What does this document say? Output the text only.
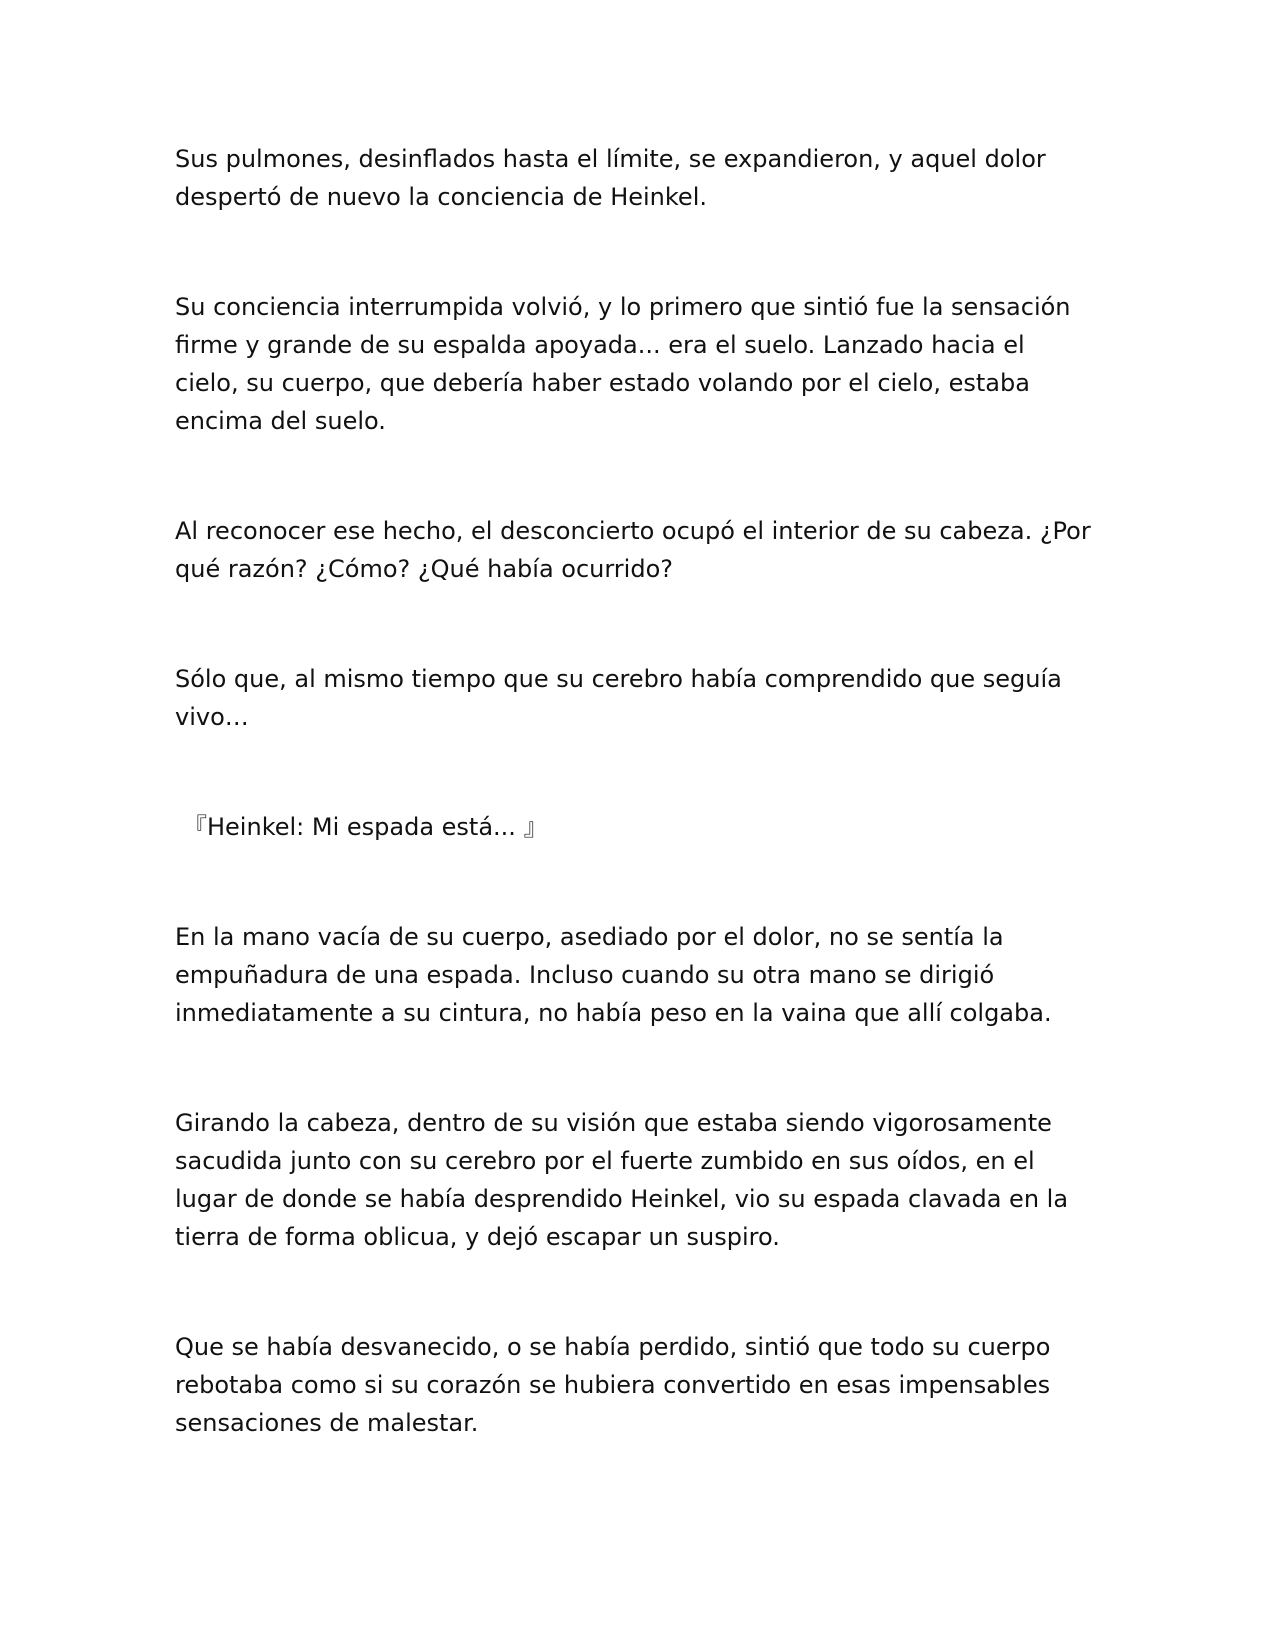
Sus pulmones, desinflados hasta el límite, se expandieron, y aquel dolor despertó de nuevo la conciencia de Heinkel.

Su conciencia interrumpida volvió, y lo primero que sintió fue la sensación firme y grande de su espalda apoyada... era el suelo. Lanzado hacia el cielo, su cuerpo, que debería haber estado volando por el cielo, estaba encima del suelo.

Al reconocer ese hecho, el desconcierto ocupó el interior de su cabeza. ¿Por qué razón? ¿Cómo? ¿Qué había ocurrido?

Sólo que, al mismo tiempo que su cerebro había comprendido que seguía vivo…

『Heinkel: Mi espada está... 』

En la mano vacía de su cuerpo, asediado por el dolor, no se sentía la empuñadura de una espada. Incluso cuando su otra mano se dirigió inmediatamente a su cintura, no había peso en la vaina que allí colgaba.

Girando la cabeza, dentro de su visión que estaba siendo vigorosamente sacudida junto con su cerebro por el fuerte zumbido en sus oídos, en el lugar de donde se había desprendido Heinkel, vio su espada clavada en la tierra de forma oblicua, y dejó escapar un suspiro.

Que se había desvanecido, o se había perdido, sintió que todo su cuerpo rebotaba como si su corazón se hubiera convertido en esas impensables sensaciones de malestar.
